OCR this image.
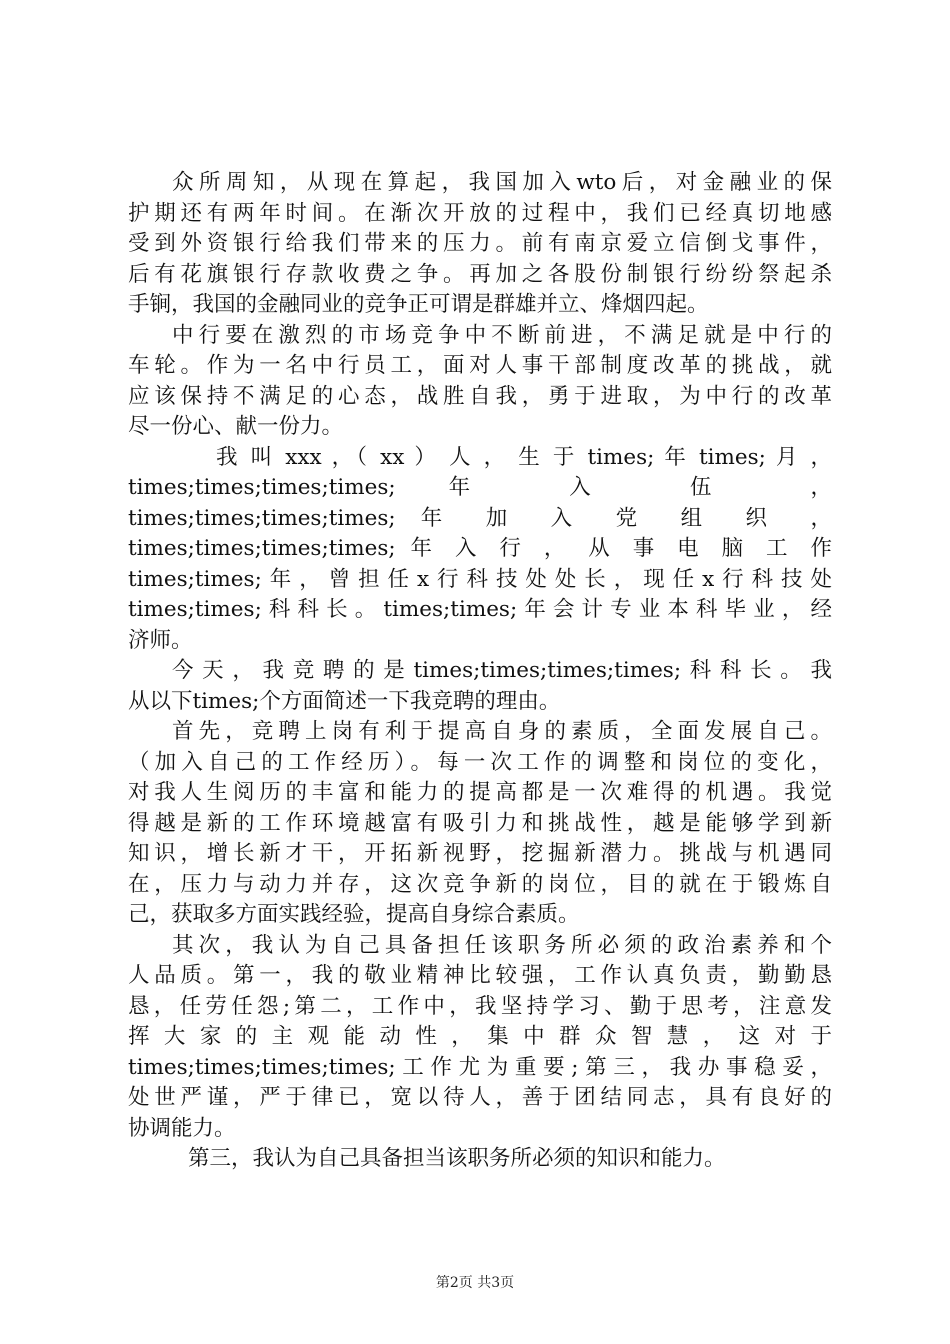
众所周知，从现在算起，我国加入wto后，对金融业的保
护期还有两年时间。在渐次开放的过程中，我们已经真切地感
受到外资银行给我们带来的压力。前有南京爱立信倒戈事件，
后有花旗银行存款收费之争。再加之各股份制银行纷纷祭起杀
手锏，我国的金融同业的竞争正可谓是群雄并立、烽烟四起。
中行要在激烈的市场竞争中不断前进，不满足就是中行的
车轮。作为一名中行员工，面对人事干部制度改革的挑战，就
应该保持不满足的心态，战胜自我，勇于进取，为中行的改革
尽一份心、献一份力。
我 叫 xxx ，（ xx ） 人 ， 生 于 times; 年 times; 月 ，
times;times;times;times; 年 入 伍 ，
times;times;times;times; 年 加 入 党 组 织 ，
times;times;times;times; 年 入 行 ， 从 事 电 脑 工 作
times;times;年，曾担任x行科技处处长，现任x行科技处
times;times;科科长。times;times;年会计专业本科毕业，经
济师。
今天，我竞聘的是times;times;times;times;科科长。我
从以下times;个方面简述一下我竞聘的理由。
首先，竞聘上岗有利于提高自身的素质，全面发展自己。
（加入自己的工作经历）。每一次工作的调整和岗位的变化，
对我人生阅历的丰富和能力的提高都是一次难得的机遇。我觉
得越是新的工作环境越富有吸引力和挑战性，越是能够学到新
知识，增长新才干，开拓新视野，挖掘新潜力。挑战与机遇同
在，压力与动力并存，这次竞争新的岗位，目的就在于锻炼自
己，获取多方面实践经验，提高自身综合素质。
其次，我认为自己具备担任该职务所必须的政治素养和个
人品质。第一，我的敬业精神比较强，工作认真负责，勤勤恳
恳，任劳任怨;第二，工作中，我坚持学习、勤于思考，注意发
挥 大 家 的 主 观 能 动 性 ， 集 中 群 众 智 慧 ， 这 对 于
times;times;times;times;工作尤为重要;第三，我办事稳妥，
处世严谨，严于律已，宽以待人，善于团结同志，具有良好的
协调能力。
第三，我认为自己具备担当该职务所必须的知识和能力。
第2页 共3页
